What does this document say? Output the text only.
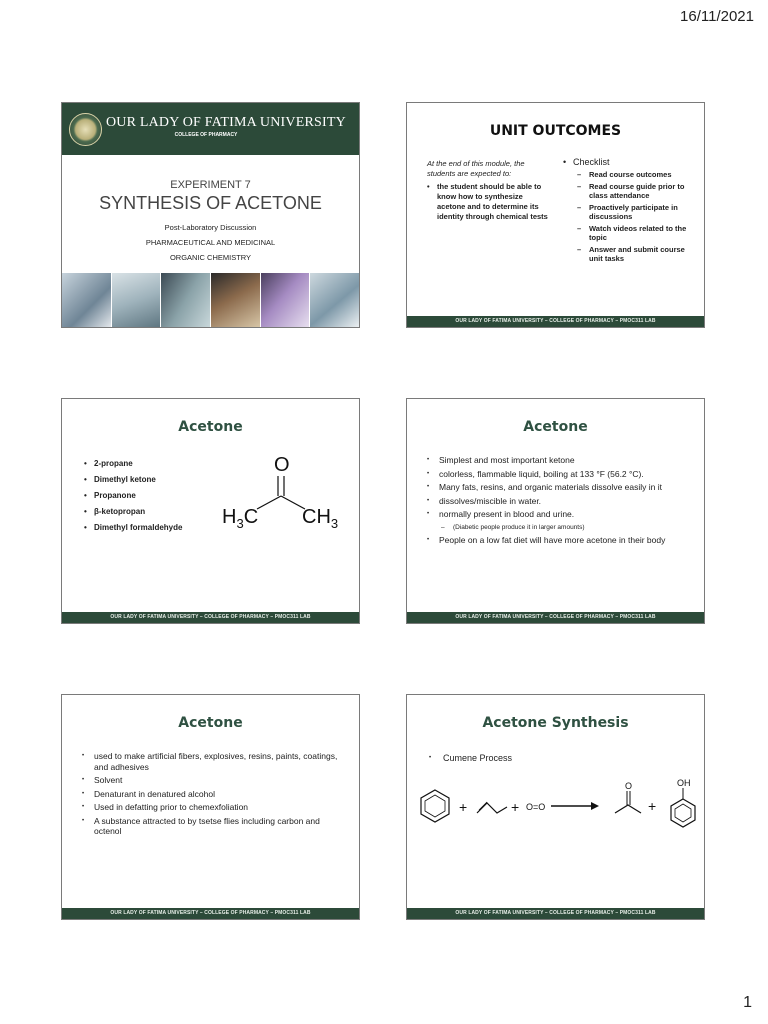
16/11/2021
OUR LADY OF FATIMA UNIVERSITY
COLLEGE OF PHARMACY
EXPERIMENT 7
SYNTHESIS OF ACETONE
Post-Laboratory Discussion
PHARMACEUTICAL AND MEDICINAL
ORGANIC CHEMISTRY
UNIT OUTCOMES
At the end of this module, the students are expected to:
• the student should be able to know how to synthesize acetone and to determine its identity through chemical tests
• Checklist
–	Read course outcomes
–	Read course guide prior to class attendance
–	Proactively participate in discussions
–	Watch videos related to the topic
–	Answer and submit course unit tasks
OUR LADY OF FATIMA UNIVERSITY – COLLEGE OF PHARMACY – PMOC311 LAB
Acetone
• 2-propane
• Dimethyl ketone
• Propanone
• β-ketopropan
• Dimethyl formaldehyde
O
$H_3C$ $CH_3$
OUR LADY OF FATIMA UNIVERSITY – COLLEGE OF PHARMACY – PMOC311 LAB
Acetone
•	Simplest and most important ketone
•	colorless, flammable liquid, boiling at 133 °F (56.2 °C).
•	Many fats, resins, and organic materials dissolve easily in it
•	dissolves/miscible in water.
•	normally present in blood and urine.
–	(Diabetic people produce it in larger amounts)
•	People on a low fat diet will have more acetone in their body
OUR LADY OF FATIMA UNIVERSITY – COLLEGE OF PHARMACY – PMOC311 LAB
Acetone
•	used to make artificial fibers, explosives, resins, paints, coatings, and adhesives
•	Solvent
•	Denaturant in denatured alcohol
•	Used in defatting prior to chemexfoliation
•	A substance attracted to by tsetse flies including carbon and octenol
OUR LADY OF FATIMA UNIVERSITY – COLLEGE OF PHARMACY – PMOC311 LAB
Acetone Synthesis
•	Cumene Process
+	+ O=O
O
+
OH
OUR LADY OF FATIMA UNIVERSITY – COLLEGE OF PHARMACY – PMOC311 LAB
1
